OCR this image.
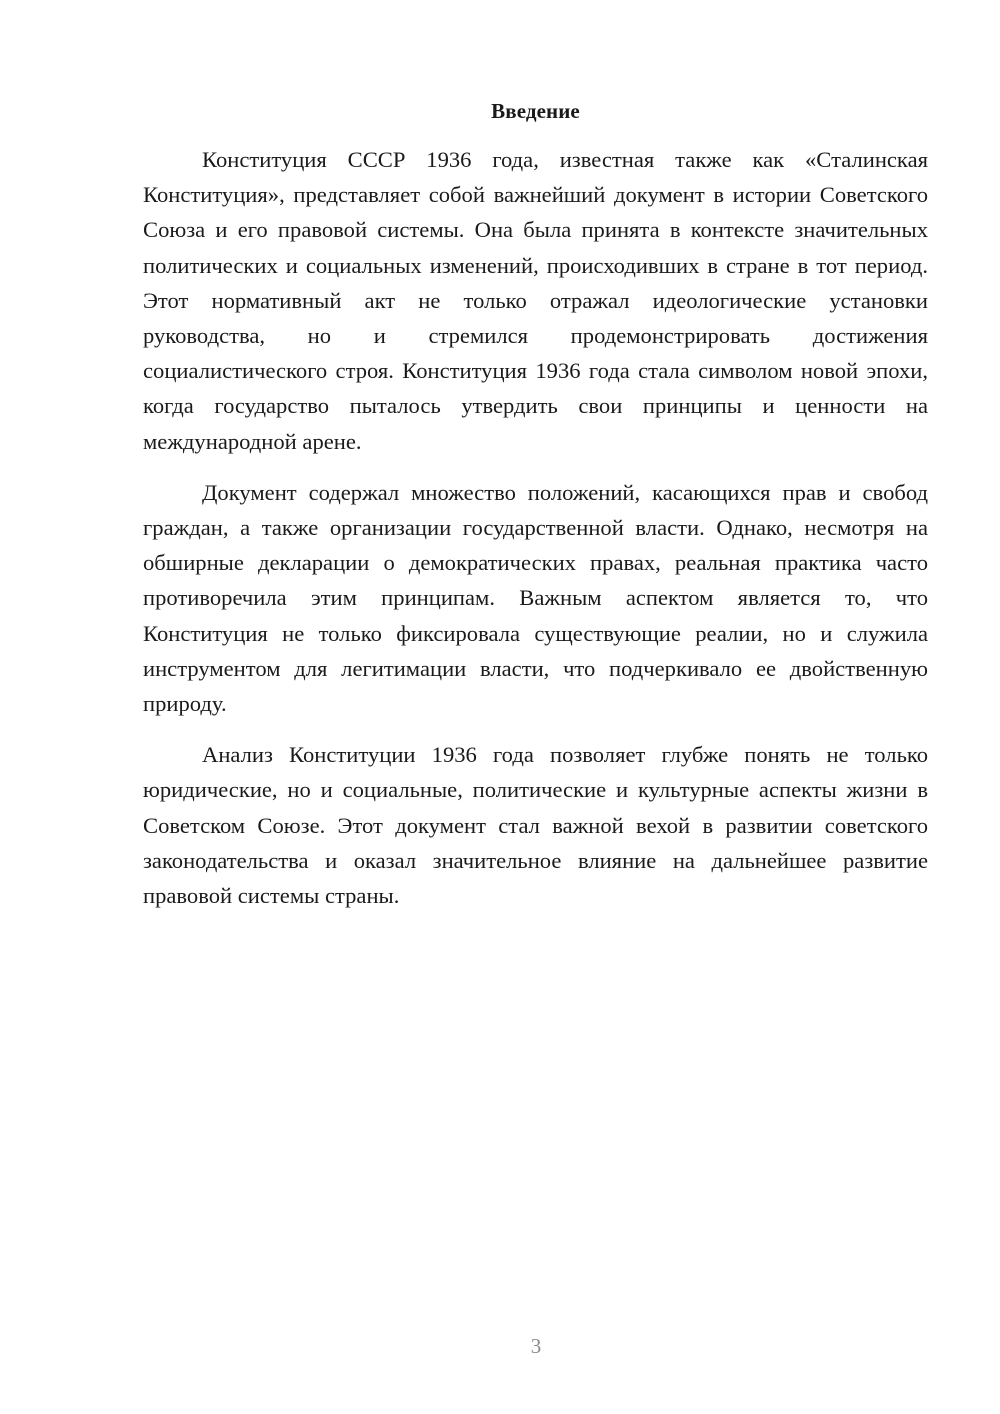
Введение

Конституция СССР 1936 года, известная также как «Сталинская Конституция», представляет собой важнейший документ в истории Советского Союза и его правовой системы. Она была принята в контексте значительных политических и социальных изменений, происходивших в стране в тот период. Этот нормативный акт не только отражал идеологические установки руководства, но и стремился продемонстрировать достижения социалистического строя. Конституция 1936 года стала символом новой эпохи, когда государство пыталось утвердить свои принципы и ценности на международной арене.

Документ содержал множество положений, касающихся прав и свобод граждан, а также организации государственной власти. Однако, несмотря на обширные декларации о демократических правах, реальная практика часто противоречила этим принципам. Важным аспектом является то, что Конституция не только фиксировала существующие реалии, но и служила инструментом для легитимации власти, что подчеркивало ее двойственную природу.

Анализ Конституции 1936 года позволяет глубже понять не только юридические, но и социальные, политические и культурные аспекты жизни в Советском Союзе. Этот документ стал важной вехой в развитии советского законодательства и оказал значительное влияние на дальнейшее развитие правовой системы страны.

3
